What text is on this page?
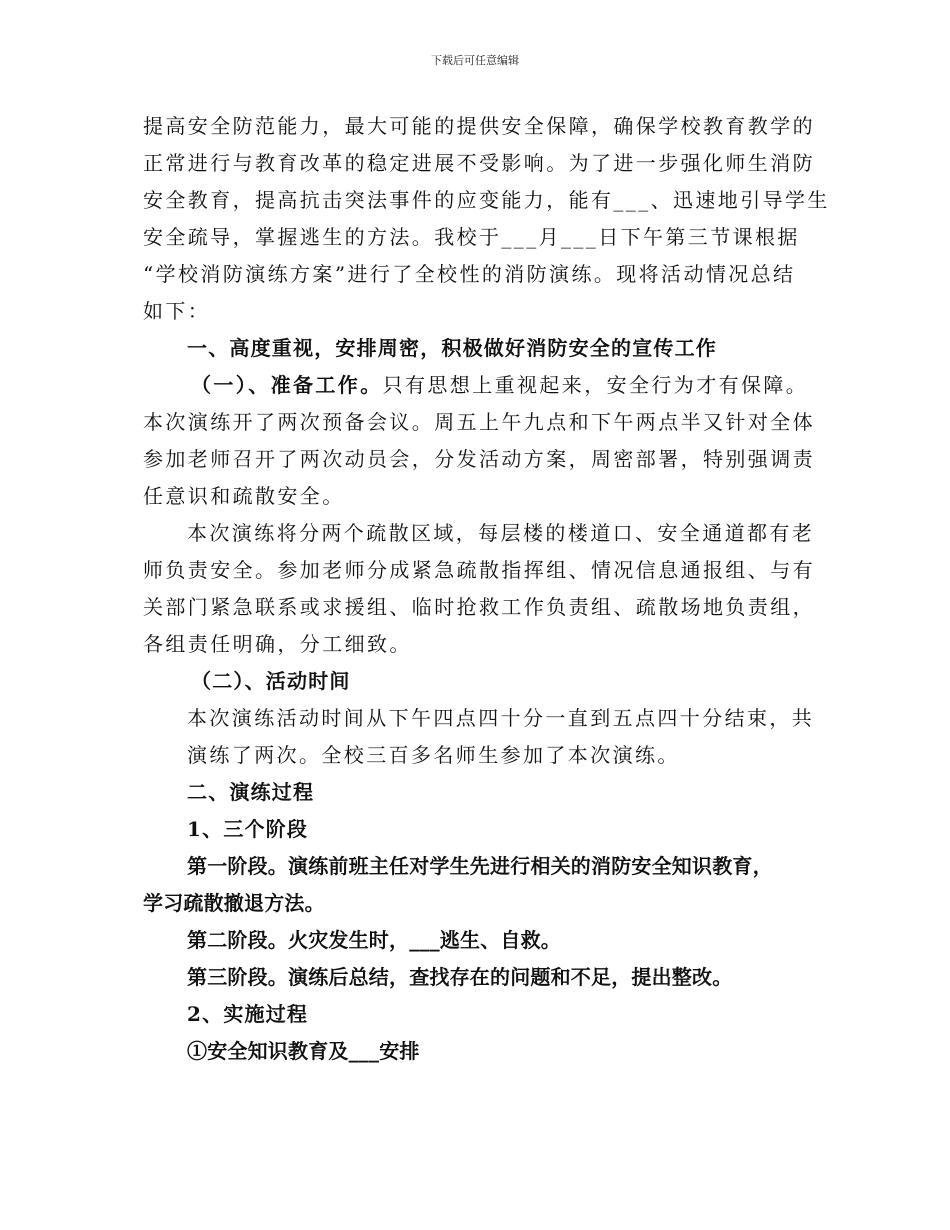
下载后可任意编辑
提高安全防范能力，最大可能的提供安全保障，确保学校教育教学的
正常进行与教育改革的稳定进展不受影响。为了进一步强化师生消防
安全教育，提高抗击突法事件的应变能力，能有___、迅速地引导学生
安全疏导，掌握逃生的方法。我校于___月___日下午第三节课根据
“学校消防演练方案”进行了全校性的消防演练。现将活动情况总结
如下：
一、高度重视，安排周密，积极做好消防安全的宣传工作
（一）、准备工作。只有思想上重视起来，安全行为才有保障。
本次演练开了两次预备会议。周五上午九点和下午两点半又针对全体
参加老师召开了两次动员会，分发活动方案，周密部署，特别强调责
任意识和疏散安全。
本次演练将分两个疏散区域，每层楼的楼道口、安全通道都有老
师负责安全。参加老师分成紧急疏散指挥组、情况信息通报组、与有
关部门紧急联系或求援组、临时抢救工作负责组、疏散场地负责组，
各组责任明确，分工细致。
（二）、活动时间
本次演练活动时间从下午四点四十分一直到五点四十分结束，共
演练了两次。全校三百多名师生参加了本次演练。
二、演练过程
1、三个阶段
第一阶段。演练前班主任对学生先进行相关的消防安全知识教育，
学习疏散撤退方法。
第二阶段。火灾发生时，___逃生、自救。
第三阶段。演练后总结，查找存在的问题和不足，提出整改。
2、实施过程
①安全知识教育及___安排
